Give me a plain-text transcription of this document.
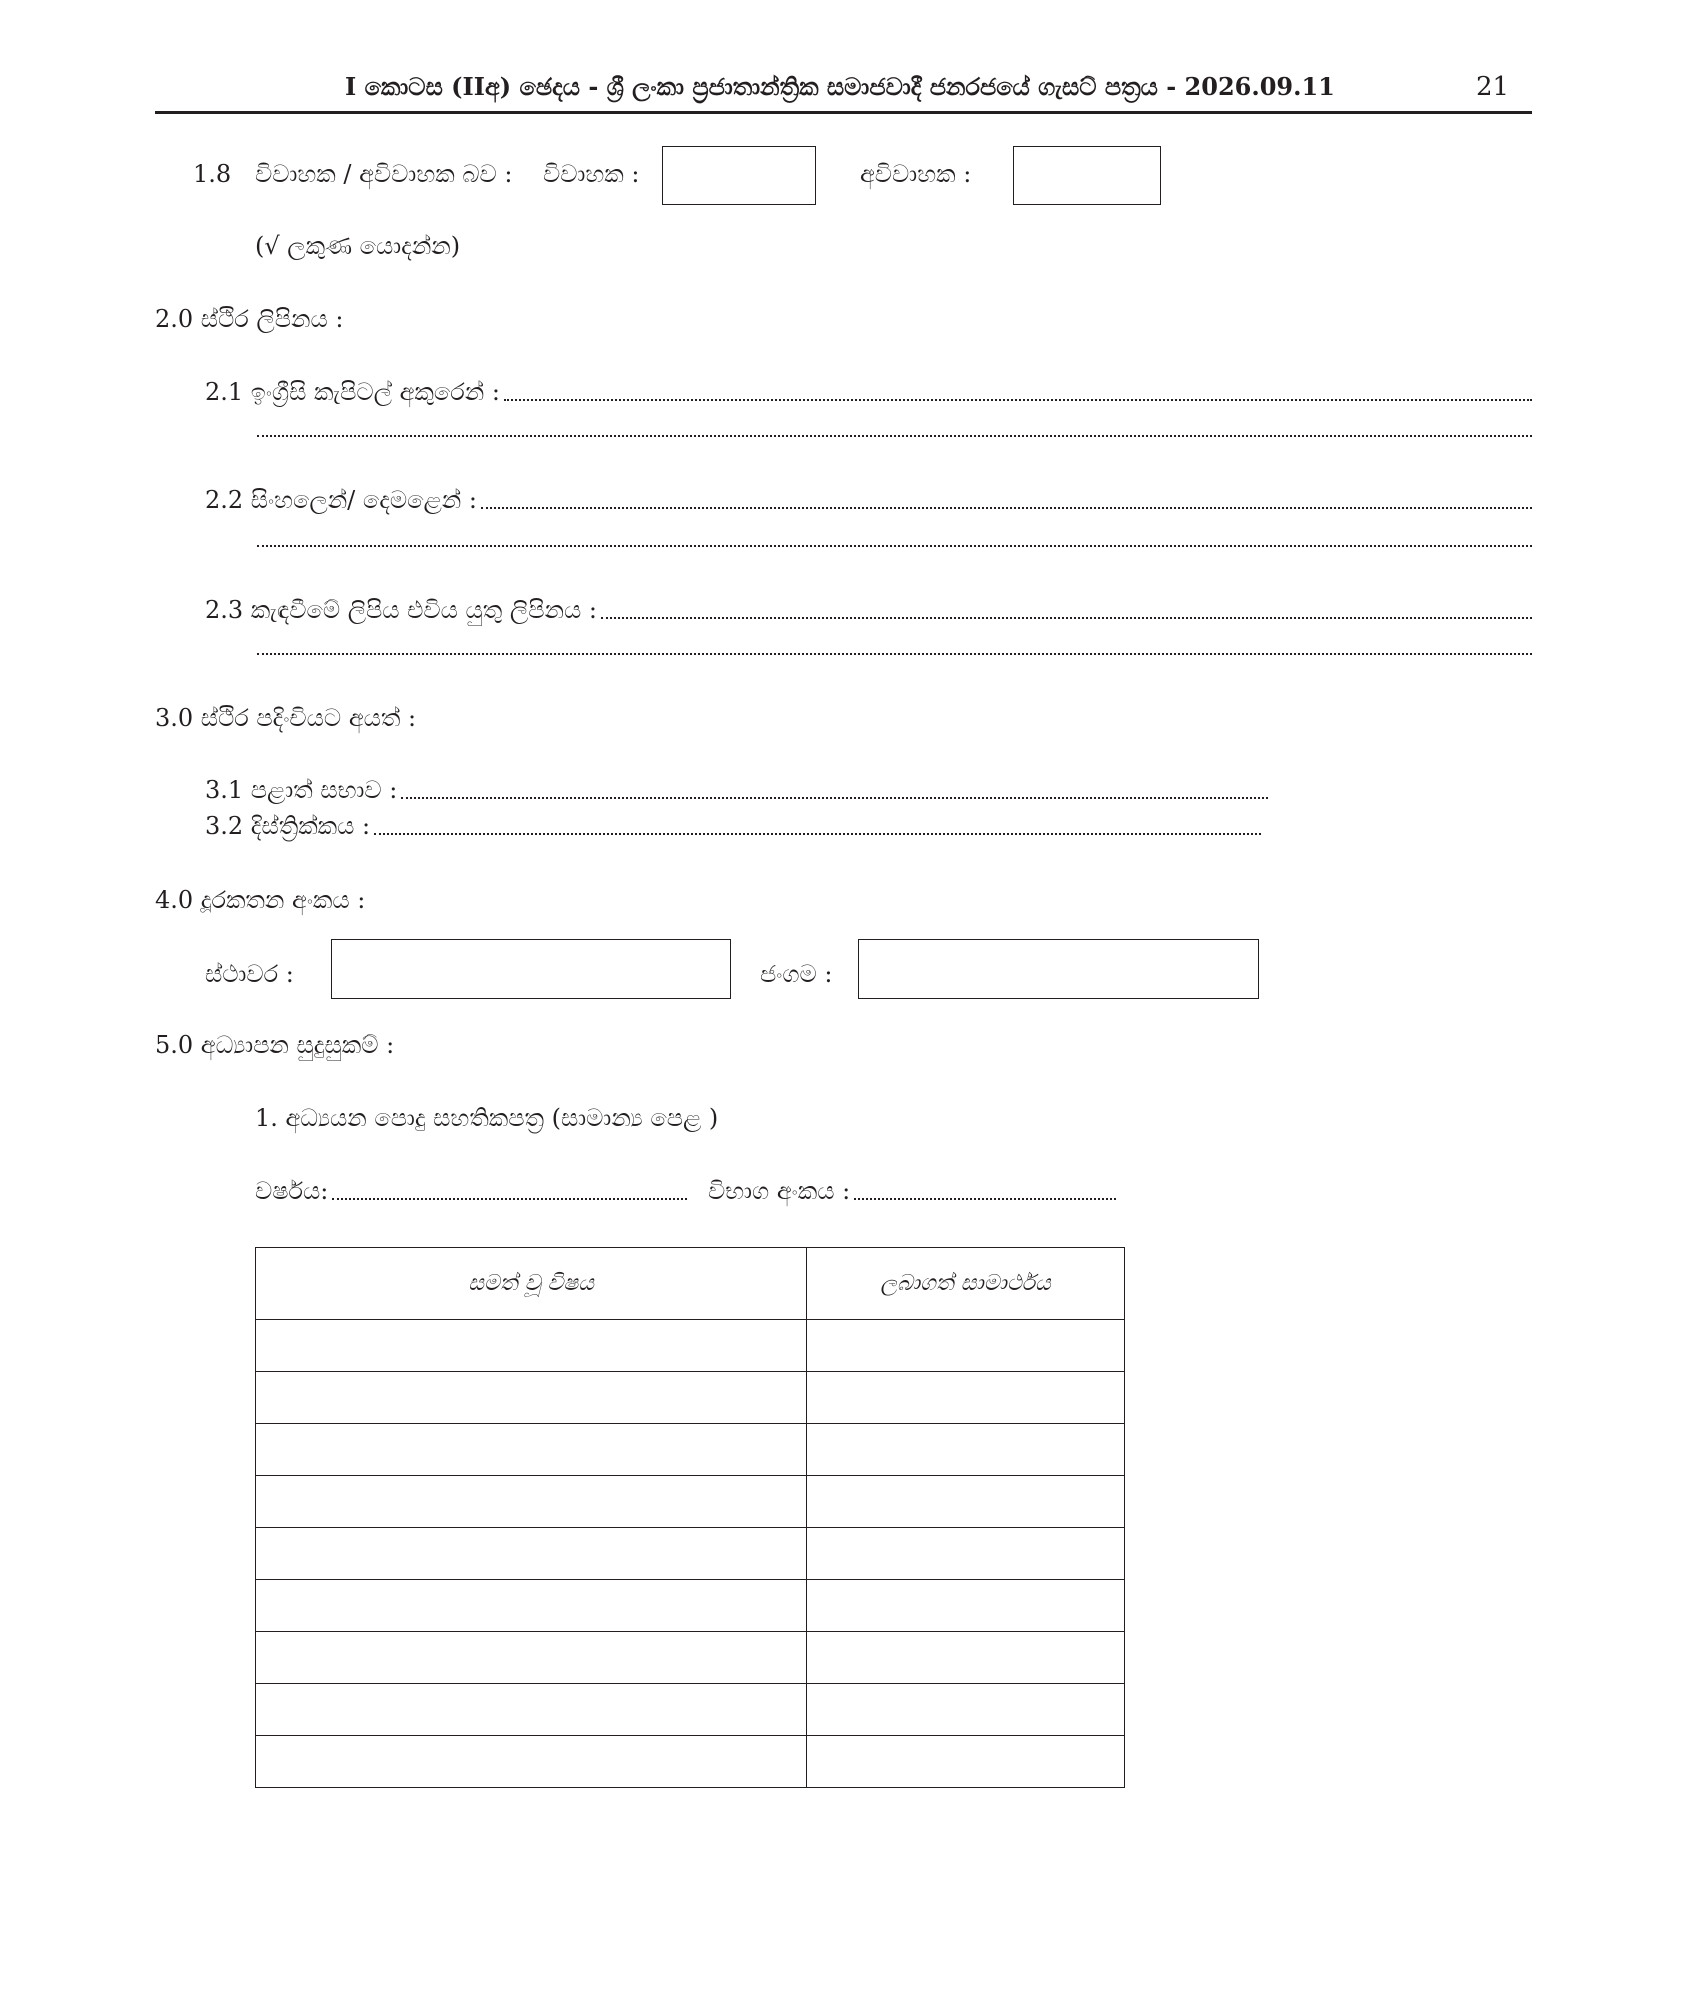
I කොටස (IIඅ) ඡෙදය - ශ්‍රී ලංකා ප්‍රජාතාන්ත්‍රික සමාජවාදී ජනරජයේ ගැසට් පත්‍රය - 2026.09.11	21
1.8 විවාහක / අවිවාහක බව : විවාහක :	අවිවාහක :
(√ ලකුණ යොදන්න)
2.0 ස්ථිර ලිපිනය :
2.1 ඉංග්‍රීසි කැපිටල් අකුරෙන් :
2.2 සිංහලෙන්/ දෙමළෙන් :
2.3 කැඳවීමේ ලිපිය එවිය යුතු ලිපිනය :
3.0 ස්ථිර පදිංචියට අයත් :
3.1 පළාත් සභාව :
3.2 දිස්ත්‍රික්කය :
4.0 දූරකතන අංකය :
ස්ථාවර :	ජංගම :
5.0 අධ්‍යාපන සුදුසුකම් :
1. අධ්‍යයන පොදු සහතිකපත්‍ර (සාමාන්‍ය පෙළ )
වර්ෂය:	විභාග අංකය :
සමත් වූ විෂය	ලබාගත් සාමාර්ථය
